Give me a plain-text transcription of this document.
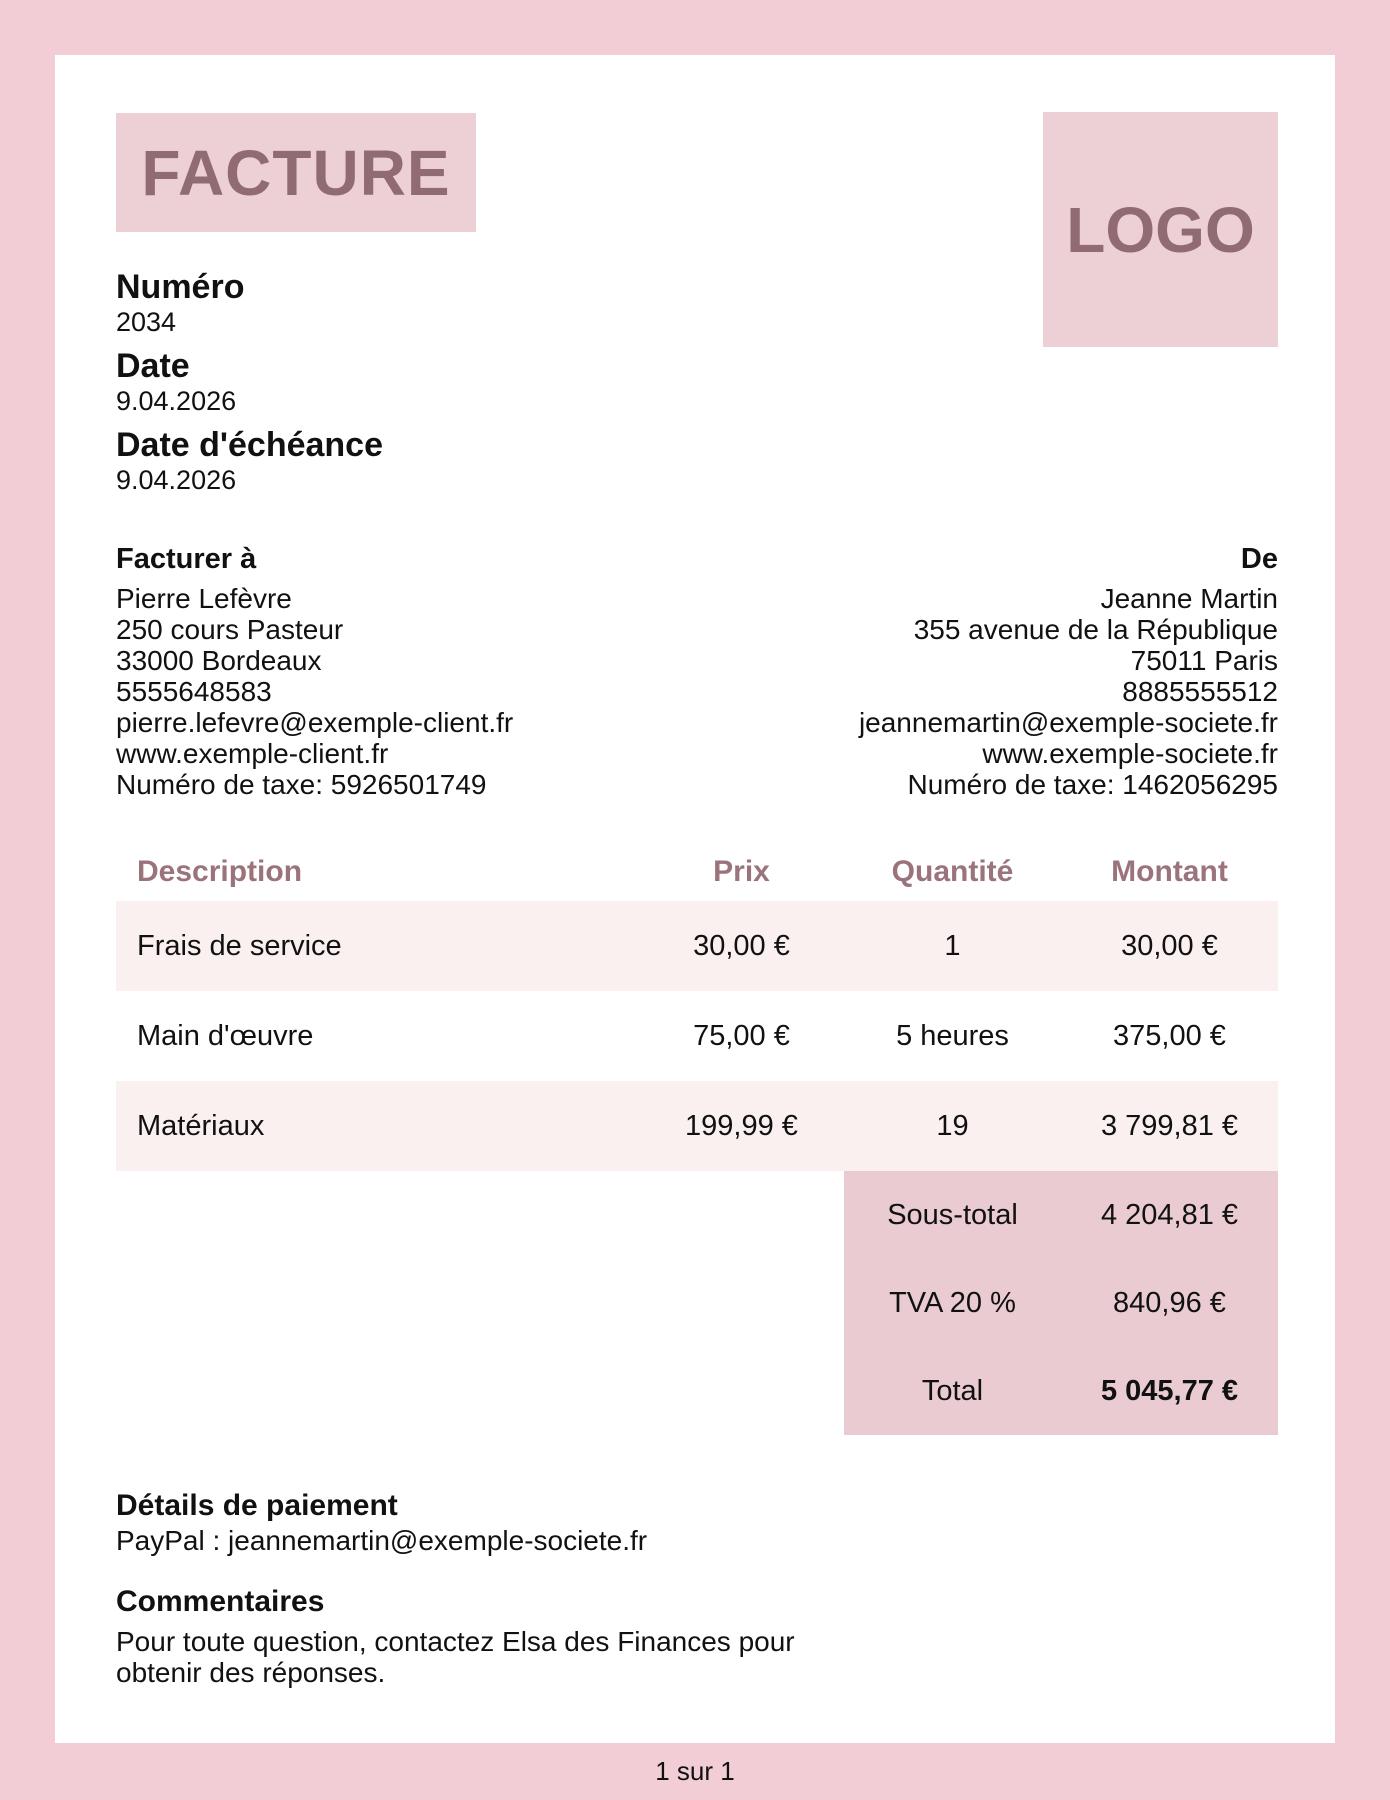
FACTURE
LOGO
Numéro
2034
Date
9.04.2026
Date d'échéance
9.04.2026
Facturer à
Pierre Lefèvre
250 cours Pasteur
33000 Bordeaux
5555648583
pierre.lefevre@exemple-client.fr
www.exemple-client.fr
Numéro de taxe: 5926501749
De
Jeanne Martin
355 avenue de la République
75011 Paris
8885555512
jeannemartin@exemple-societe.fr
www.exemple-societe.fr
Numéro de taxe: 1462056295
Description	Prix	Quantité	Montant
Frais de service	30,00 €	1	30,00 €
Main d'œuvre	75,00 €	5 heures	375,00 €
Matériaux	199,99 €	19	3 799,81 €
Sous-total	4 204,81 €
TVA 20 %	840,96 €
Total	5 045,77 €
Détails de paiement
PayPal : jeannemartin@exemple-societe.fr
Commentaires
Pour toute question, contactez Elsa des Finances pour
obtenir des réponses.
1 sur 1
